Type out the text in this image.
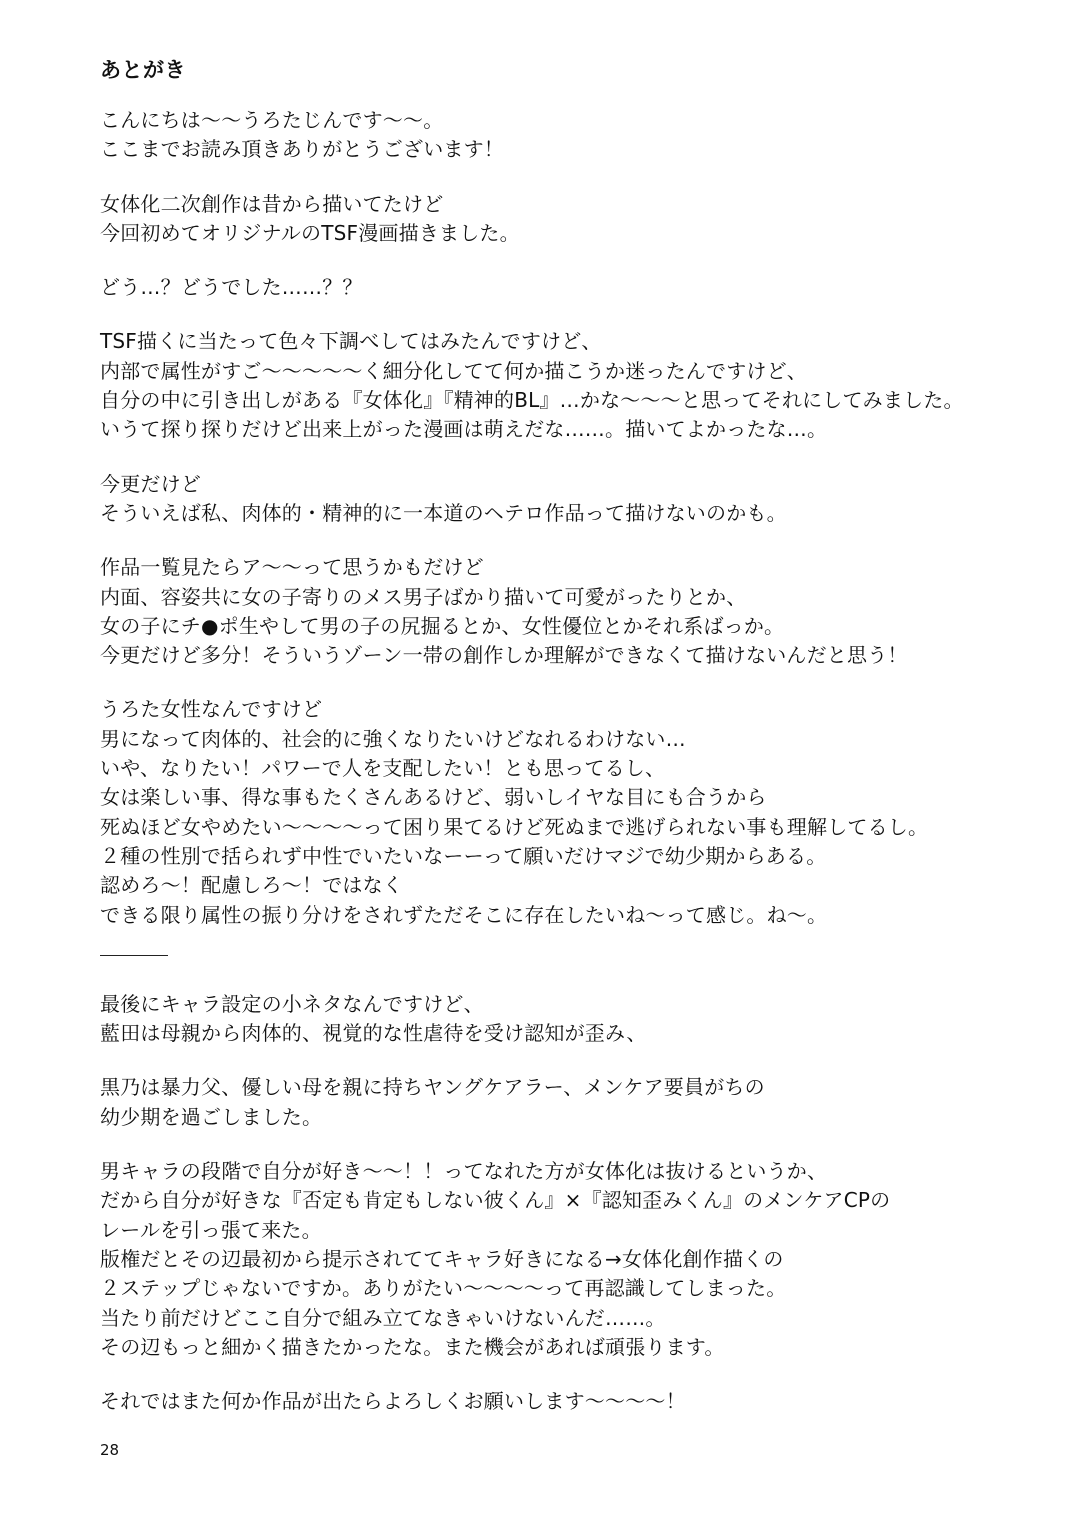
あとがき
こんにちは〜〜うろたじんです〜〜。
ここまでお読み頂きありがとうございます！
女体化二次創作は昔から描いてたけど
今回初めてオリジナルのTSF漫画描きました。
どう…？どうでした……？？
TSF描くに当たって色々下調べしてはみたんですけど、
内部で属性がすご〜〜〜〜〜く細分化してて何か描こうか迷ったんですけど、
自分の中に引き出しがある『女体化』『精神的BL』…かな〜〜〜と思ってそれにしてみました。
いうて探り探りだけど出来上がった漫画は萌えだな……。描いてよかったな…。
今更だけど
そういえば私、肉体的・精神的に一本道のヘテロ作品って描けないのかも。
作品一覧見たらア〜〜って思うかもだけど
内面、容姿共に女の子寄りのメス男子ばかり描いて可愛がったりとか、
女の子にチ●ポ生やして男の子の尻掘るとか、女性優位とかそれ系ばっか。
今更だけど多分！そういうゾーン一帯の創作しか理解ができなくて描けないんだと思う！
うろた女性なんですけど
男になって肉体的、社会的に強くなりたいけどなれるわけない…
いや、なりたい！パワーで人を支配したい！とも思ってるし、
女は楽しい事、得な事もたくさんあるけど、弱いしイヤな目にも合うから
死ぬほど女やめたい〜〜〜〜って困り果てるけど死ぬまで逃げられない事も理解してるし。
２種の性別で括られず中性でいたいなーーって願いだけマジで幼少期からある。
認めろ〜！配慮しろ〜！ではなく
できる限り属性の振り分けをされずただそこに存在したいね〜って感じ。ね〜。
最後にキャラ設定の小ネタなんですけど、
藍田は母親から肉体的、視覚的な性虐待を受け認知が歪み、
黒乃は暴力父、優しい母を親に持ちヤングケアラー、メンケア要員がちの
幼少期を過ごしました。
男キャラの段階で自分が好き〜〜！！ってなれた方が女体化は抜けるというか、
だから自分が好きな『否定も肯定もしない彼くん』×『認知歪みくん』のメンケアCPの
レールを引っ張て来た。
版権だとその辺最初から提示されててキャラ好きになる→女体化創作描くの
２ステップじゃないですか。ありがたい〜〜〜〜って再認識してしまった。
当たり前だけどここ自分で組み立てなきゃいけないんだ……。
その辺もっと細かく描きたかったな。また機会があれば頑張ります。
それではまた何か作品が出たらよろしくお願いします〜〜〜〜！
28
